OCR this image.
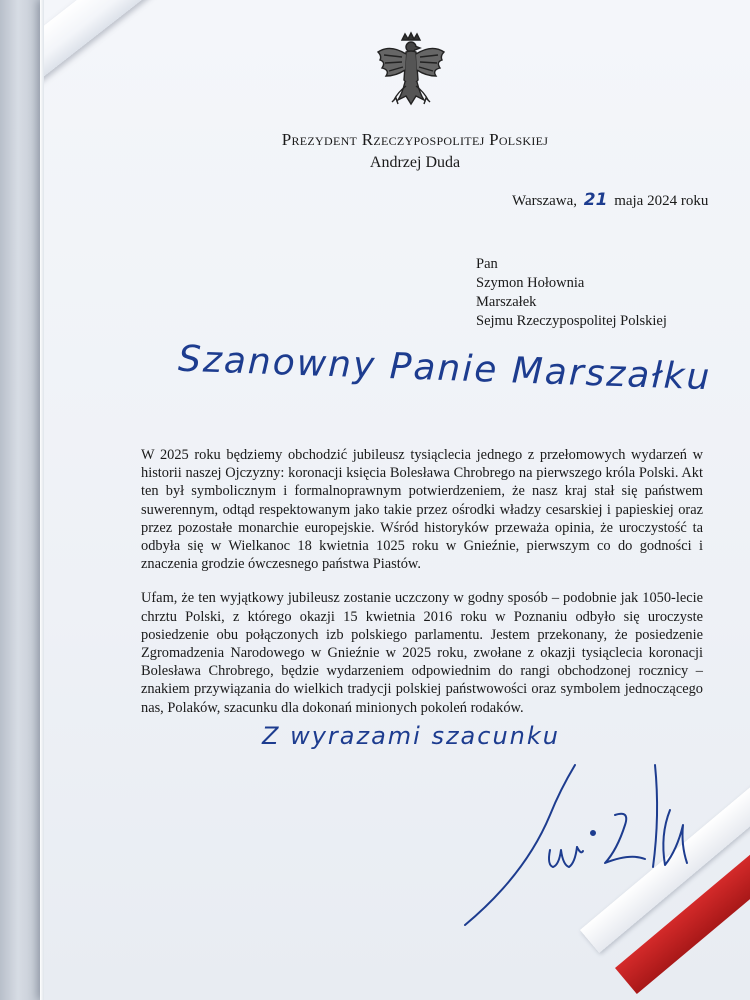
Prezydent Rzeczypospolitej Polskiej
Andrzej Duda
Warszawa, 21 maja 2024 roku
Pan
Szymon Hołownia
Marszałek
Sejmu Rzeczypospolitej Polskiej
Szanowny Panie Marszałku

W 2025 roku będziemy obchodzić jubileusz tysiąclecia jednego z przełomowych wydarzeń w historii naszej Ojczyzny: koronacji księcia Bolesława Chrobrego na pierwszego króla Polski. Akt ten był symbolicznym i formalnoprawnym potwierdzeniem, że nasz kraj stał się państwem suwerennym, odtąd respektowanym jako takie przez ośrodki władzy cesarskiej i papieskiej oraz przez pozostałe monarchie europejskie. Wśród historyków przeważa opinia, że uroczystość ta odbyła się w Wielkanoc 18 kwietnia 1025 roku w Gnieźnie, pierwszym co do godności i znaczenia grodzie ówczesnego państwa Piastów.

Ufam, że ten wyjątkowy jubileusz zostanie uczczony w godny sposób – podobnie jak 1050-lecie chrztu Polski, z którego okazji 15 kwietnia 2016 roku w Poznaniu odbyło się uroczyste posiedzenie obu połączonych izb polskiego parlamentu. Jestem przekonany, że posiedzenie Zgromadzenia Narodowego w Gnieźnie w 2025 roku, zwołane z okazji tysiąclecia koronacji Bolesława Chrobrego, będzie wydarzeniem odpowiednim do rangi obchodzonej rocznicy – znakiem przywiązania do wielkich tradycji polskiej państwowości oraz symbolem jednoczącego nas, Polaków, szacunku dla dokonań minionych pokoleń rodaków.

Z wyrazami szacunku
